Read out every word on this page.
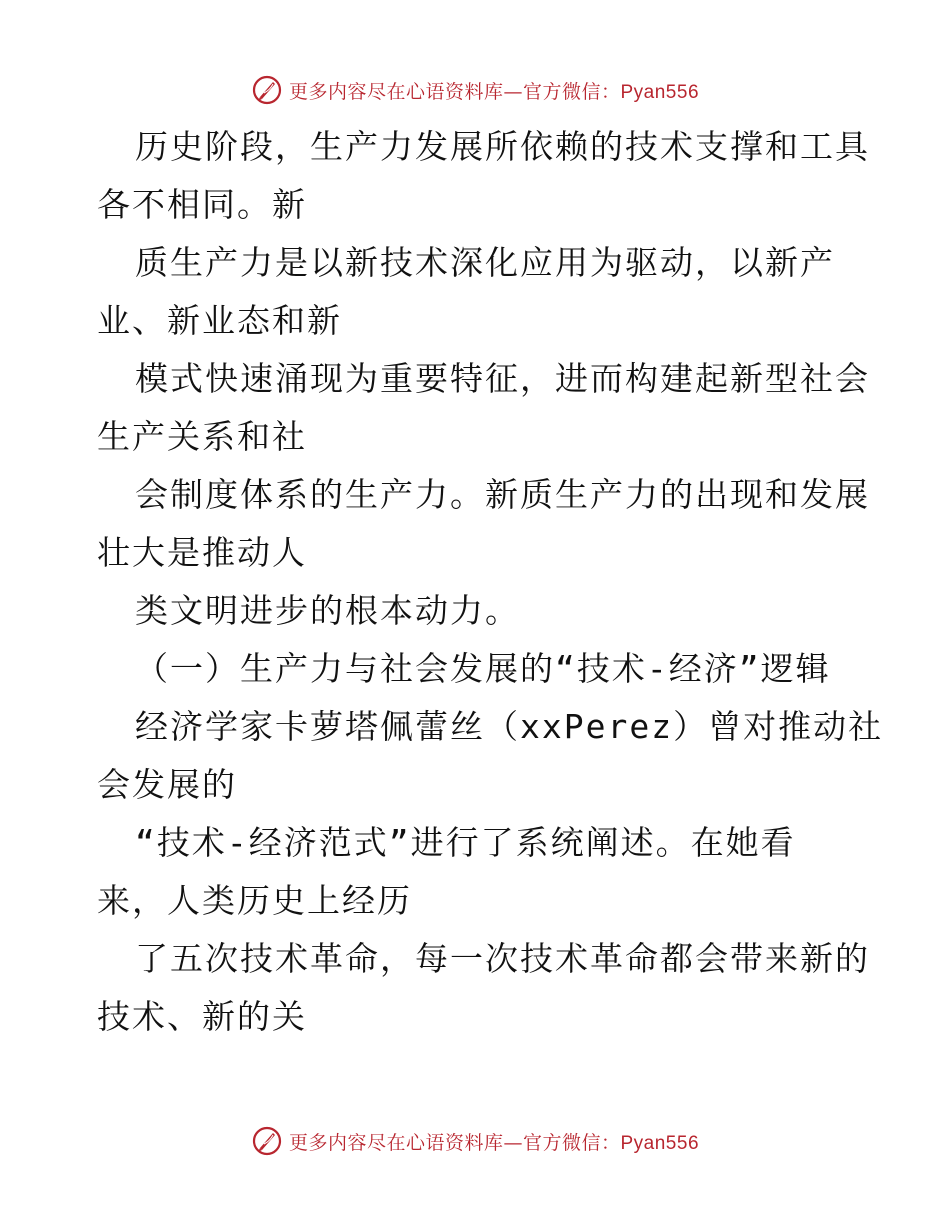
更多内容尽在心语资料库—官方微信：Pyan556
历史阶段，生产力发展所依赖的技术支撑和工具
各不相同。新
质生产力是以新技术深化应用为驱动，以新产
业、新业态和新
模式快速涌现为重要特征，进而构建起新型社会
生产关系和社
会制度体系的生产力。新质生产力的出现和发展
壮大是推动人
类文明进步的根本动力。
（一）生产力与社会发展的“技术-经济”逻辑
经济学家卡萝塔佩蕾丝（xxPerez）曾对推动社
会发展的
“技术-经济范式”进行了系统阐述。在她看
来，人类历史上经历
了五次技术革命，每一次技术革命都会带来新的
技术、新的关
更多内容尽在心语资料库—官方微信：Pyan556
